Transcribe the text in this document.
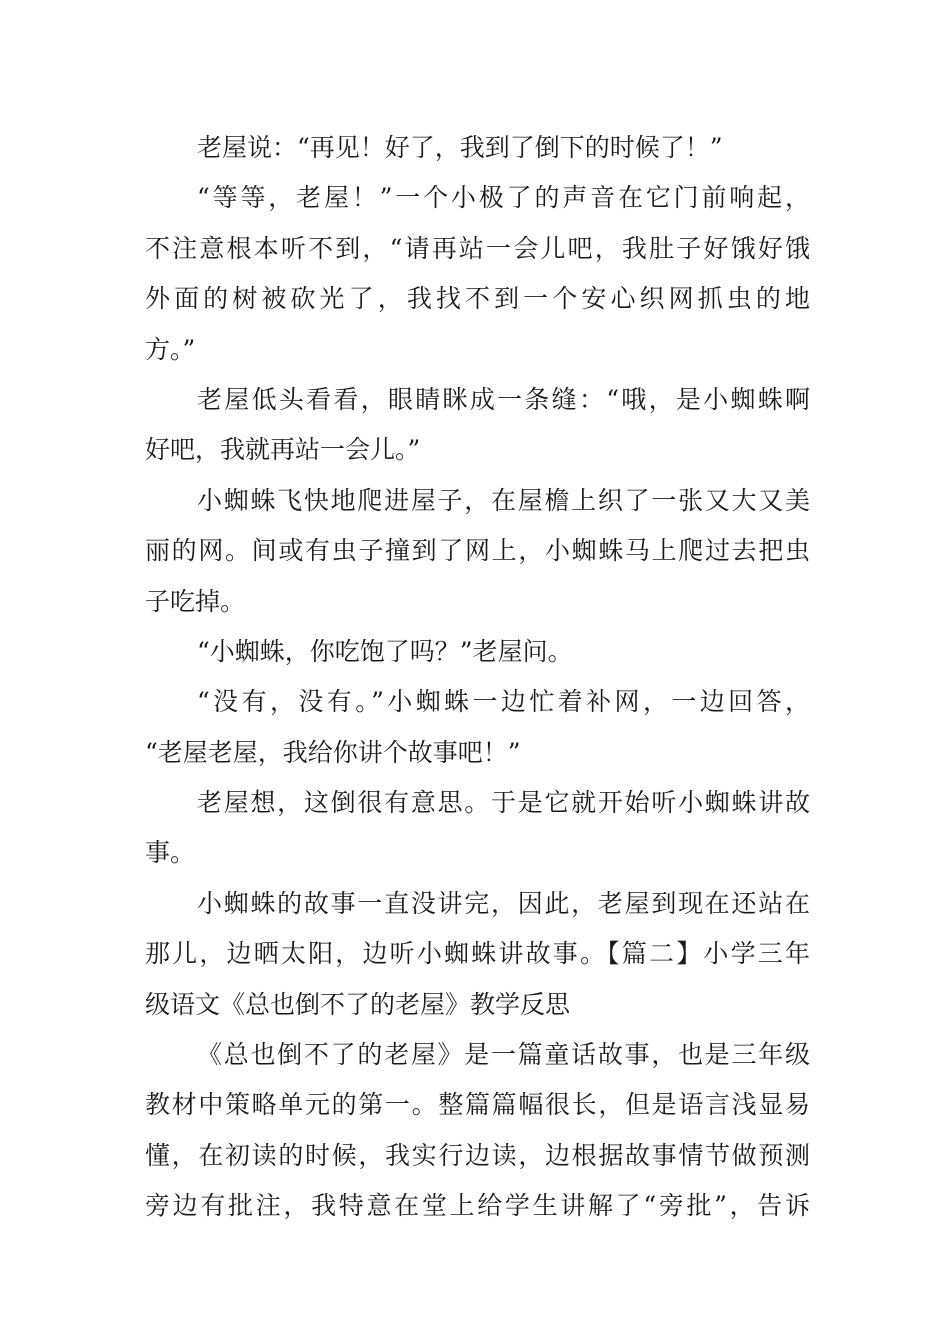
老屋说：“再见！好了，我到了倒下的时候了！”
“等等，老屋！”一个小极了的声音在它门前响起，
不注意根本听不到，“请再站一会儿吧，我肚子好饿好饿
外面的树被砍光了，我找不到一个安心织网抓虫的地
方。”
老屋低头看看，眼睛眯成一条缝：“哦，是小蜘蛛啊
好吧，我就再站一会儿。”
小蜘蛛飞快地爬进屋子，在屋檐上织了一张又大又美
丽的网。间或有虫子撞到了网上，小蜘蛛马上爬过去把虫
子吃掉。
“小蜘蛛，你吃饱了吗？”老屋问。
“没有，没有。”小蜘蛛一边忙着补网，一边回答，
“老屋老屋，我给你讲个故事吧！”
老屋想，这倒很有意思。于是它就开始听小蜘蛛讲故
事。
小蜘蛛的故事一直没讲完，因此，老屋到现在还站在
那儿，边晒太阳，边听小蜘蛛讲故事。【篇二】小学三年
级语文《总也倒不了的老屋》教学反思
《总也倒不了的老屋》是一篇童话故事，也是三年级
教材中策略单元的第一。整篇篇幅很长，但是语言浅显易
懂，在初读的时候，我实行边读，边根据故事情节做预测
旁边有批注，我特意在堂上给学生讲解了“旁批”，告诉
